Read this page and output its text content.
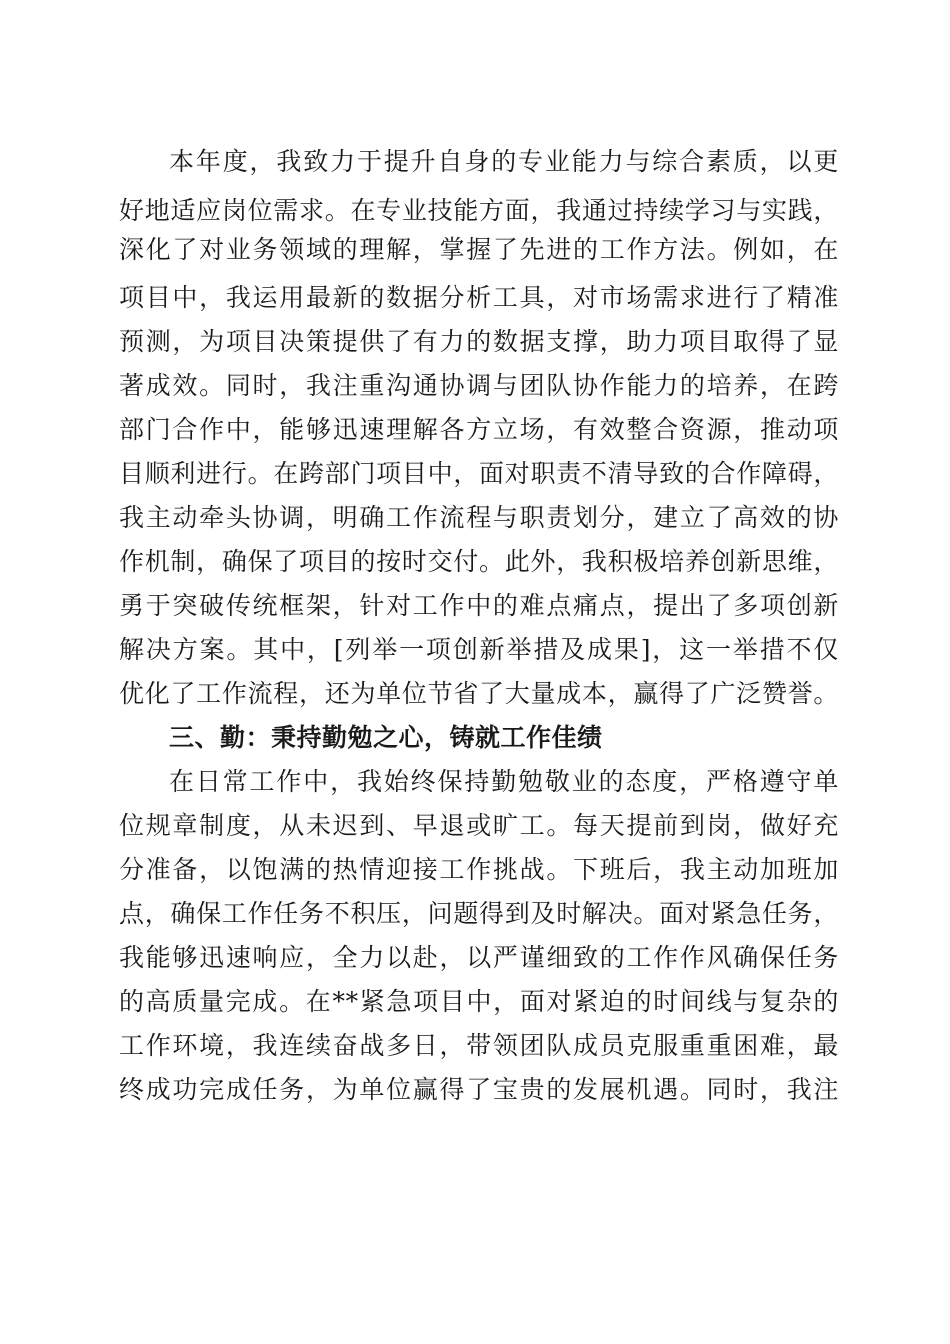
本年度，我致力于提升自身的专业能力与综合素质，以更
好地适应岗位需求。在专业技能方面，我通过持续学习与实践，
深化了对业务领域的理解，掌握了先进的工作方法。例如，在
项目中，我运用最新的数据分析工具，对市场需求进行了精准
预测，为项目决策提供了有力的数据支撑，助力项目取得了显
著成效。同时，我注重沟通协调与团队协作能力的培养，在跨
部门合作中，能够迅速理解各方立场，有效整合资源，推动项
目顺利进行。在跨部门项目中，面对职责不清导致的合作障碍，
我主动牵头协调，明确工作流程与职责划分，建立了高效的协
作机制，确保了项目的按时交付。此外，我积极培养创新思维，
勇于突破传统框架，针对工作中的难点痛点，提出了多项创新
解决方案。其中，[列举一项创新举措及成果]，这一举措不仅
优化了工作流程，还为单位节省了大量成本，赢得了广泛赞誉。
三、勤：秉持勤勉之心，铸就工作佳绩
在日常工作中，我始终保持勤勉敬业的态度，严格遵守单
位规章制度，从未迟到、早退或旷工。每天提前到岗，做好充
分准备，以饱满的热情迎接工作挑战。下班后，我主动加班加
点，确保工作任务不积压，问题得到及时解决。面对紧急任务，
我能够迅速响应，全力以赴，以严谨细致的工作作风确保任务
的高质量完成。在**紧急项目中，面对紧迫的时间线与复杂的
工作环境，我连续奋战多日，带领团队成员克服重重困难，最
终成功完成任务，为单位赢得了宝贵的发展机遇。同时，我注
